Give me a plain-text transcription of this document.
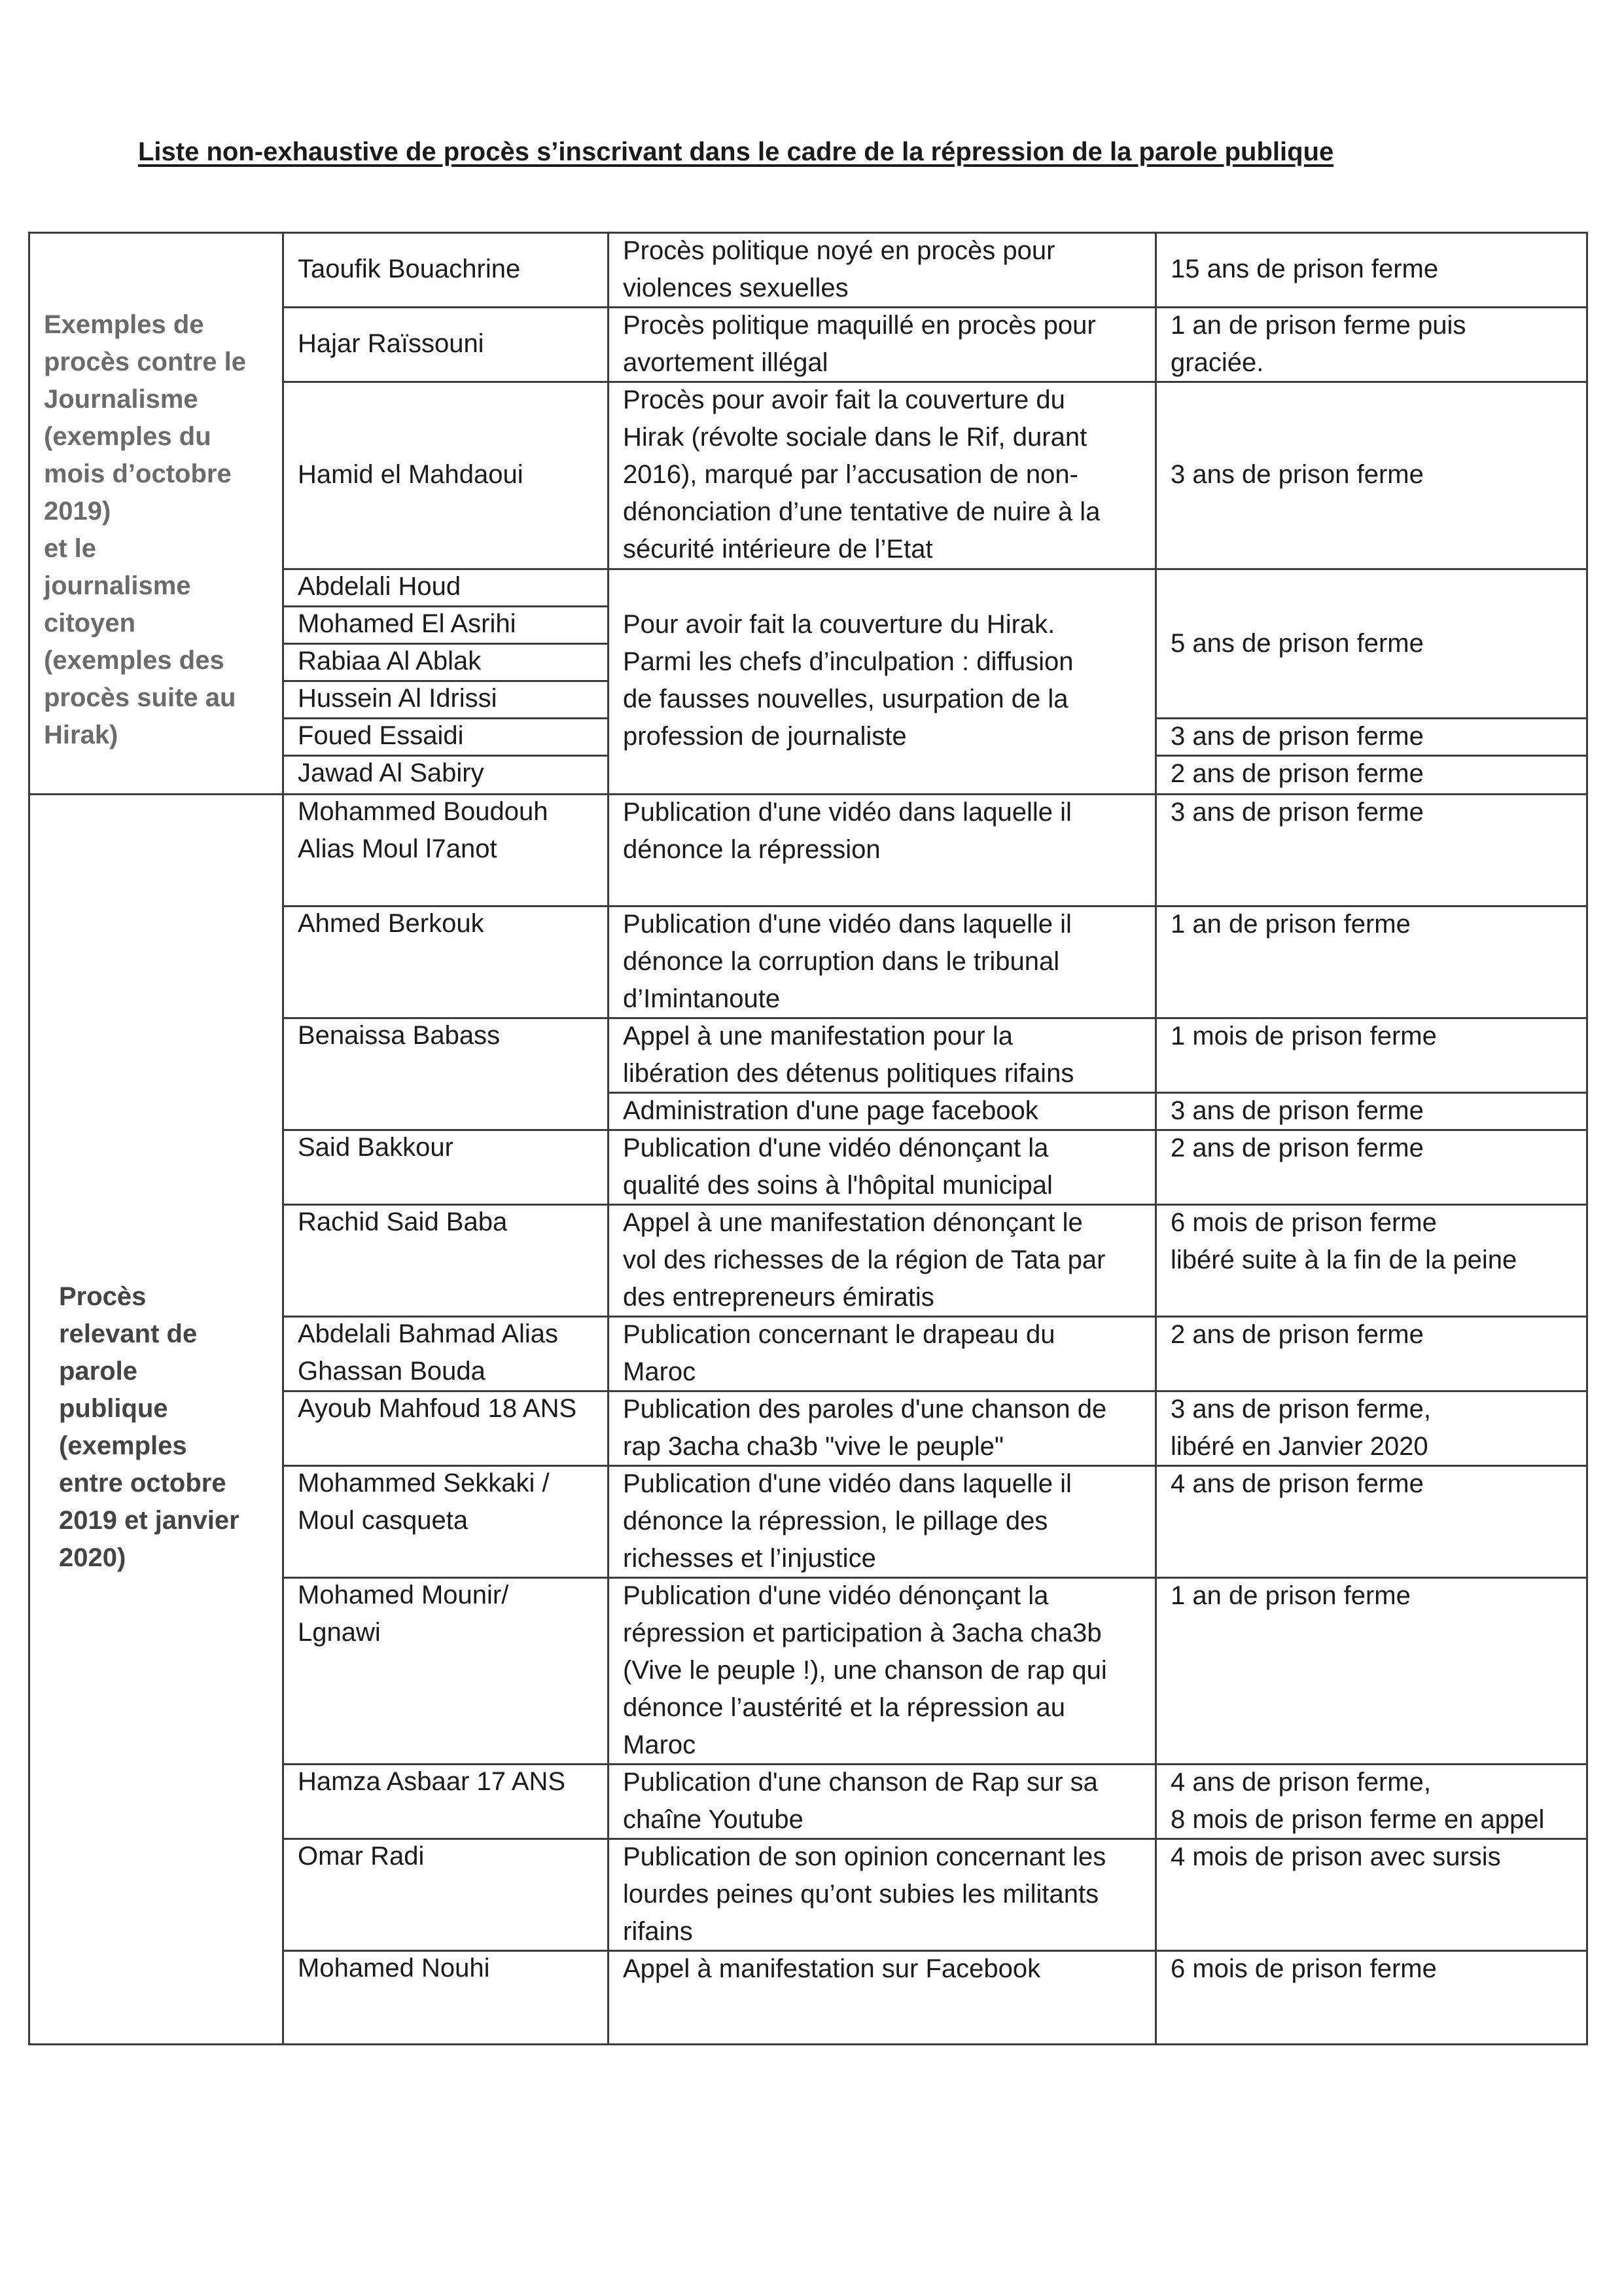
Liste non-exhaustive de procès s’inscrivant dans le cadre de la répression de la parole publique
Exemples de
procès contre le
Journalisme
(exemples du
mois d’octobre
2019)
et le
journalisme
citoyen
(exemples des
procès suite au
Hirak)
Procès
relevant de
parole
publique
(exemples
entre octobre
2019 et janvier
2020)
Taoufik Bouachrine
Hajar Raïssouni
Hamid el Mahdaoui
Abdelali Houd
Mohamed El Asrihi
Rabiaa Al Ablak
Hussein Al Idrissi
Foued Essaidi
Jawad Al Sabiry
Mohammed Boudouh
Alias Moul l7anot
Ahmed Berkouk
Benaissa Babass
Said Bakkour
Rachid Said Baba
Abdelali Bahmad Alias
Ghassan Bouda
Ayoub Mahfoud 18 ANS
Mohammed Sekkaki /
Moul casqueta
Mohamed Mounir/
Lgnawi
Hamza Asbaar 17 ANS
Omar Radi
Mohamed Nouhi
Procès politique noyé en procès pour
violences sexuelles
Procès politique maquillé en procès pour
avortement illégal
Procès pour avoir fait la couverture du
Hirak (révolte sociale dans le Rif, durant
2016), marqué par l’accusation de non-
dénonciation d’une tentative de nuire à la
sécurité intérieure de l’Etat
Pour avoir fait la couverture du Hirak.
Parmi les chefs d’inculpation : diffusion
de fausses nouvelles, usurpation de la
profession de journaliste
Publication d'une vidéo dans laquelle il
dénonce la répression
Publication d'une vidéo dans laquelle il
dénonce la corruption dans le tribunal
d’Imintanoute
Appel à une manifestation pour la
libération des détenus politiques rifains
Administration d'une page facebook
Publication d'une vidéo dénonçant la
qualité des soins à l'hôpital municipal
Appel à une manifestation dénonçant le
vol des richesses de la région de Tata par
des entrepreneurs émiratis
Publication concernant le drapeau du
Maroc
Publication des paroles d'une chanson de
rap 3acha cha3b "vive le peuple"
Publication d'une vidéo dans laquelle il
dénonce la répression, le pillage des
richesses et l’injustice
Publication d'une vidéo dénonçant la
répression et participation à 3acha cha3b
(Vive le peuple !), une chanson de rap qui
dénonce l’austérité et la répression au
Maroc
Publication d'une chanson de Rap sur sa
chaîne Youtube
Publication de son opinion concernant les
lourdes peines qu’ont subies les militants
rifains
Appel à manifestation sur Facebook
15 ans de prison ferme
1 an de prison ferme puis
graciée.
3 ans de prison ferme
5 ans de prison ferme
3 ans de prison ferme
2 ans de prison ferme
3 ans de prison ferme
1 an de prison ferme
1 mois de prison ferme
3 ans de prison ferme
2 ans de prison ferme
6 mois de prison ferme
libéré suite à la fin de la peine
2 ans de prison ferme
3 ans de prison ferme,
libéré en Janvier 2020
4 ans de prison ferme
1 an de prison ferme
4 ans de prison ferme,
8 mois de prison ferme en appel
4 mois de prison avec sursis
6 mois de prison ferme
